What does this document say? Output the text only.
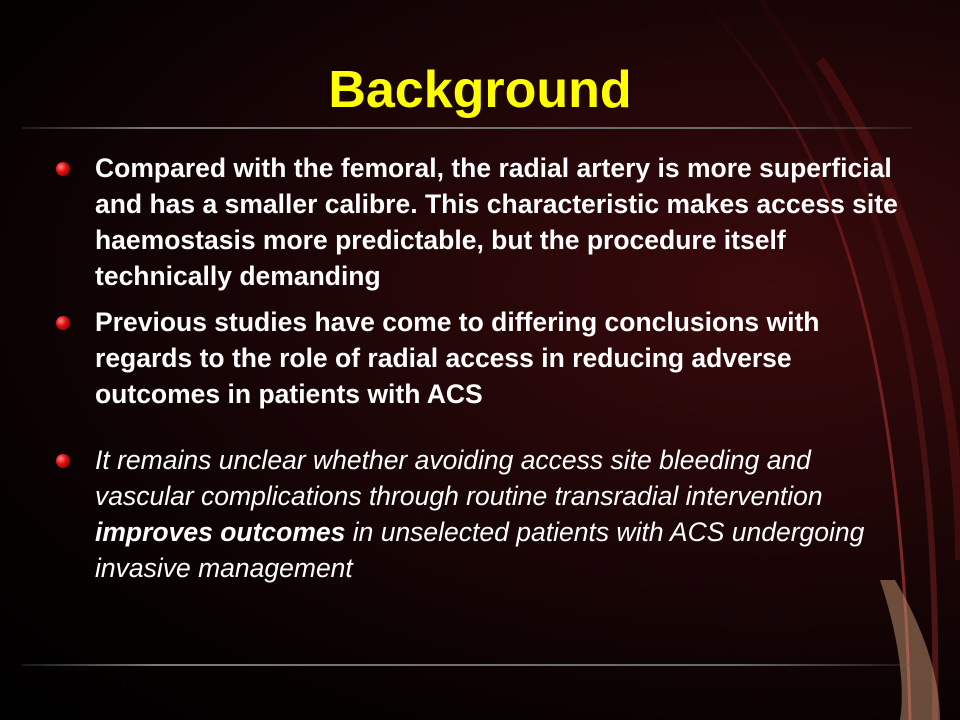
Background
Compared with the femoral, the radial artery is more superficial and has a smaller calibre. This characteristic makes access site haemostasis more predictable, but the procedure itself technically demanding
Previous studies have come to differing conclusions with regards to the role of radial access in reducing adverse outcomes in patients with ACS
It remains unclear whether avoiding access site bleeding and vascular complications through routine transradial intervention improves outcomes in unselected patients with ACS undergoing invasive management
